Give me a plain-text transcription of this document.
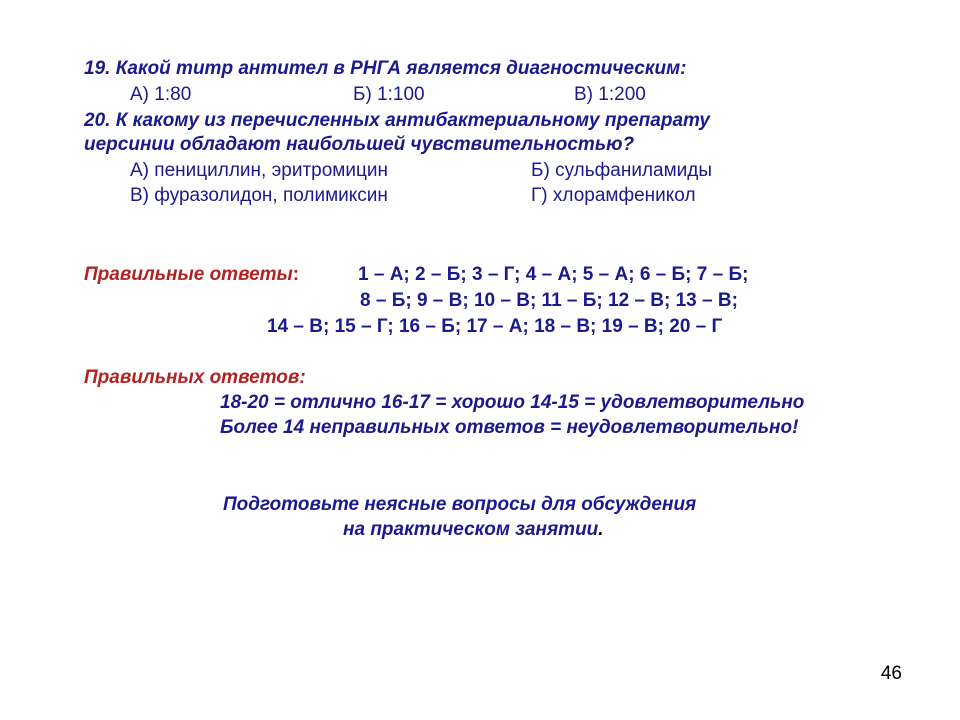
19. Какой титр антител в РНГА является диагностическим:
А) 1:80	Б) 1:100	В) 1:200
20. К какому из перечисленных антибактериальному препарату
иерсинии обладают наибольшей чувствительностью?
А) пенициллин, эритромицин	Б) сульфаниламиды
В) фуразолидон, полимиксин	Г) хлорамфеникол
Правильные ответы:	1 – А; 2 – Б; 3 – Г; 4 – А; 5 – А; 6 – Б; 7 – Б;
8 – Б; 9 – В; 10 – В; 11 – Б; 12 – В; 13 – В;
14 – В; 15 – Г; 16 – Б; 17 – А; 18 – В; 19 – В; 20 – Г
Правильных ответов:
18-20 = отлично 16-17 = хорошо 14-15 = удовлетворительно
Более 14 неправильных ответов = неудовлетворительно!
Подготовьте неясные вопросы для обсуждения
на практическом занятии.
46
